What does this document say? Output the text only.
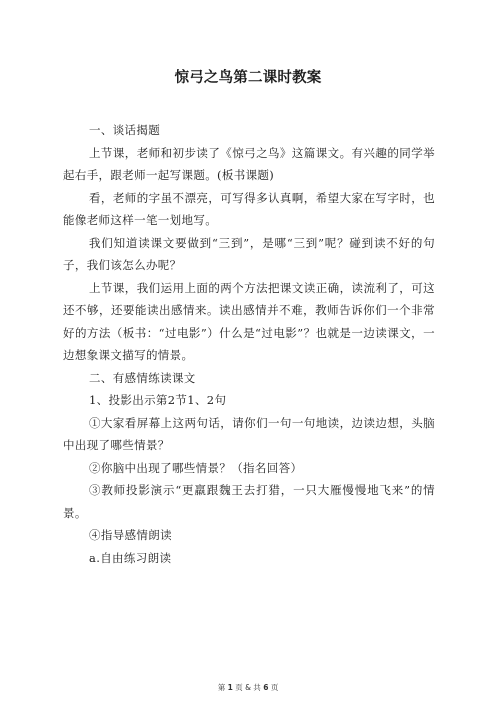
惊弓之鸟第二课时教案

一、谈话揭题

上节课，老师和初步读了《惊弓之鸟》这篇课文。有兴趣的同学举起右手，跟老师一起写课题。(板书课题)

看，老师的字虽不漂亮，可写得多认真啊，希望大家在写字时，也能像老师这样一笔一划地写。

我们知道读课文要做到“三到”，是哪“三到”呢？碰到读不好的句子，我们该怎么办呢？

上节课，我们运用上面的两个方法把课文读正确，读流利了，可这还不够，还要能读出感情来。读出感情并不难，教师告诉你们一个非常好的方法（板书：“过电影”）什么是“过电影”？也就是一边读课文，一边想象课文描写的情景。

二、有感情练读课文

1、投影出示第2节1、2句

①大家看屏幕上这两句话，请你们一句一句地读，边读边想，头脑中出现了哪些情景？

②你脑中出现了哪些情景？（指名回答）

③教师投影演示“更羸跟魏王去打猎，一只大雁慢慢地飞来”的情景。

④指导感情朗读

a.自由练习朗读

第 1 页 & 共 6 页
